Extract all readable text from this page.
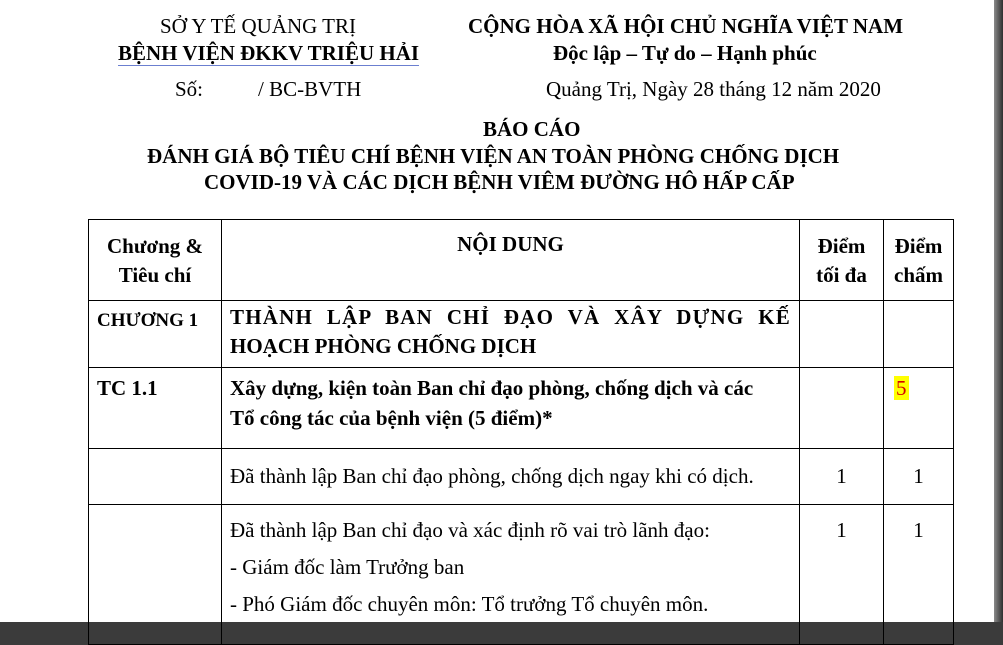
SỞ Y TẾ QUẢNG TRỊ
BỆNH VIỆN ĐKKV TRIỆU HẢI
CỘNG HÒA XÃ HỘI CHỦ NGHĨA VIỆT NAM
Độc lập – Tự do – Hạnh phúc
Số:	/ BC-BVTH	Quảng Trị, Ngày 28 tháng 12 năm 2020
BÁO CÁO
ĐÁNH GIÁ BỘ TIÊU CHÍ BỆNH VIỆN AN TOÀN PHÒNG CHỐNG DỊCH
COVID-19 VÀ CÁC DỊCH BỆNH VIÊM ĐƯỜNG HÔ HẤP CẤP
Chương & Tiêu chí	NỘI DUNG	Điểm tối đa	Điểm chấm

CHƯƠNG 1	THÀNH LẬP BAN CHỈ ĐẠO VÀ XÂY DỰNG KẾ
HOẠCH PHÒNG CHỐNG DỊCH		

TC 1.1	Xây dựng, kiện toàn Ban chỉ đạo phòng, chống dịch và các
Tổ công tác của bệnh viện (5 điểm)*		5

	Đã thành lập Ban chỉ đạo phòng, chống dịch ngay khi có dịch.	1	1

	Đã thành lập Ban chỉ đạo và xác định rõ vai trò lãnh đạo:
- Giám đốc làm Trưởng ban
- Phó Giám đốc chuyên môn: Tổ trưởng Tổ chuyên môn.	1	1
